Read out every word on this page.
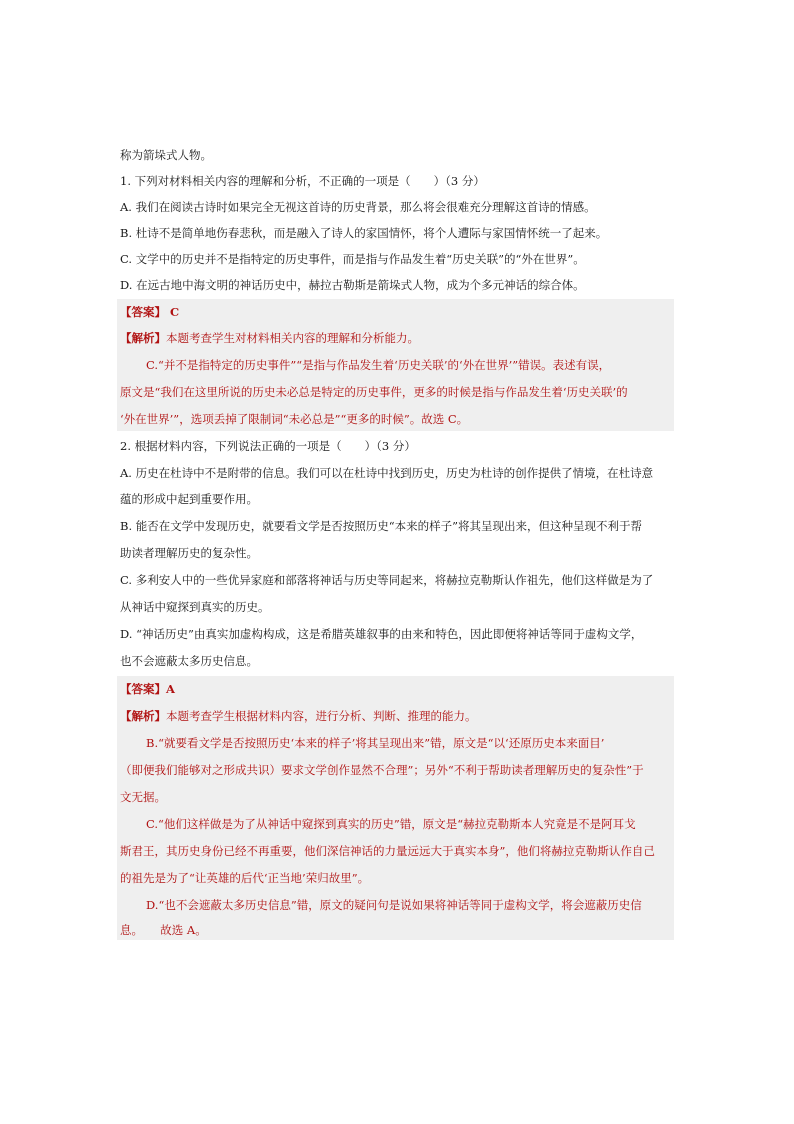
称为箭垛式人物。
1. 下列对材料相关内容的理解和分析，不正确的一项是（　　）（3 分）
A. 我们在阅读古诗时如果完全无视这首诗的历史背景，那么将会很难充分理解这首诗的情感。
B. 杜诗不是简单地伤春悲秋，而是融入了诗人的家国情怀，将个人遭际与家国情怀统一了起来。
C. 文学中的历史并不是指特定的历史事件，而是指与作品发生着“历史关联”的“外在世界”。
D. 在远古地中海文明的神话历史中，赫拉古勒斯是箭垛式人物，成为个多元神话的综合体。
【答案】 C
【解析】本题考查学生对材料相关内容的理解和分析能力。
C.“并不是指特定的历史事件”“是指与作品发生着‘历史关联’的‘外在世界’”错误。表述有误，
原文是“我们在这里所说的历史未必总是特定的历史事件，更多的时候是指与作品发生着‘历史关联’的
‘外在世界’”，选项丢掉了限制词“未必总是”“更多的时候”。故选 C。
2. 根据材料内容，下列说法正确的一项是（　　）（3 分）
A. 历史在杜诗中不是附带的信息。我们可以在杜诗中找到历史，历史为杜诗的创作提供了情境，在杜诗意
蕴的形成中起到重要作用。
B. 能否在文学中发现历史，就要看文学是否按照历史“本来的样子”将其呈现出来，但这种呈现不利于帮
助读者理解历史的复杂性。
C. 多利安人中的一些优异家庭和部落将神话与历史等同起来，将赫拉克勒斯认作祖先，他们这样做是为了
从神话中窥探到真实的历史。
D. “神话历史”由真实加虚构构成，这是希腊英雄叙事的由来和特色，因此即便将神话等同于虚构文学，
也不会遮蔽太多历史信息。
【答案】A
【解析】本题考查学生根据材料内容，进行分析、判断、推理的能力。
B.“就要看文学是否按照历史‘本来的样子’将其呈现出来”错，原文是“以‘还原历史本来面目’
（即便我们能够对之形成共识）要求文学创作显然不合理”；另外“不利于帮助读者理解历史的复杂性”于
文无据。
C.“他们这样做是为了从神话中窥探到真实的历史”错，原文是“赫拉克勒斯本人究竟是不是阿耳戈
斯君王，其历史身份已经不再重要，他们深信神话的力量远远大于真实本身”，他们将赫拉克勒斯认作自己
的祖先是为了“让英雄的后代‘正当地’荣归故里”。
D.“也不会遮蔽太多历史信息”错，原文的疑问句是说如果将神话等同于虚构文学，将会遮蔽历史信
息。　　故选 A。
